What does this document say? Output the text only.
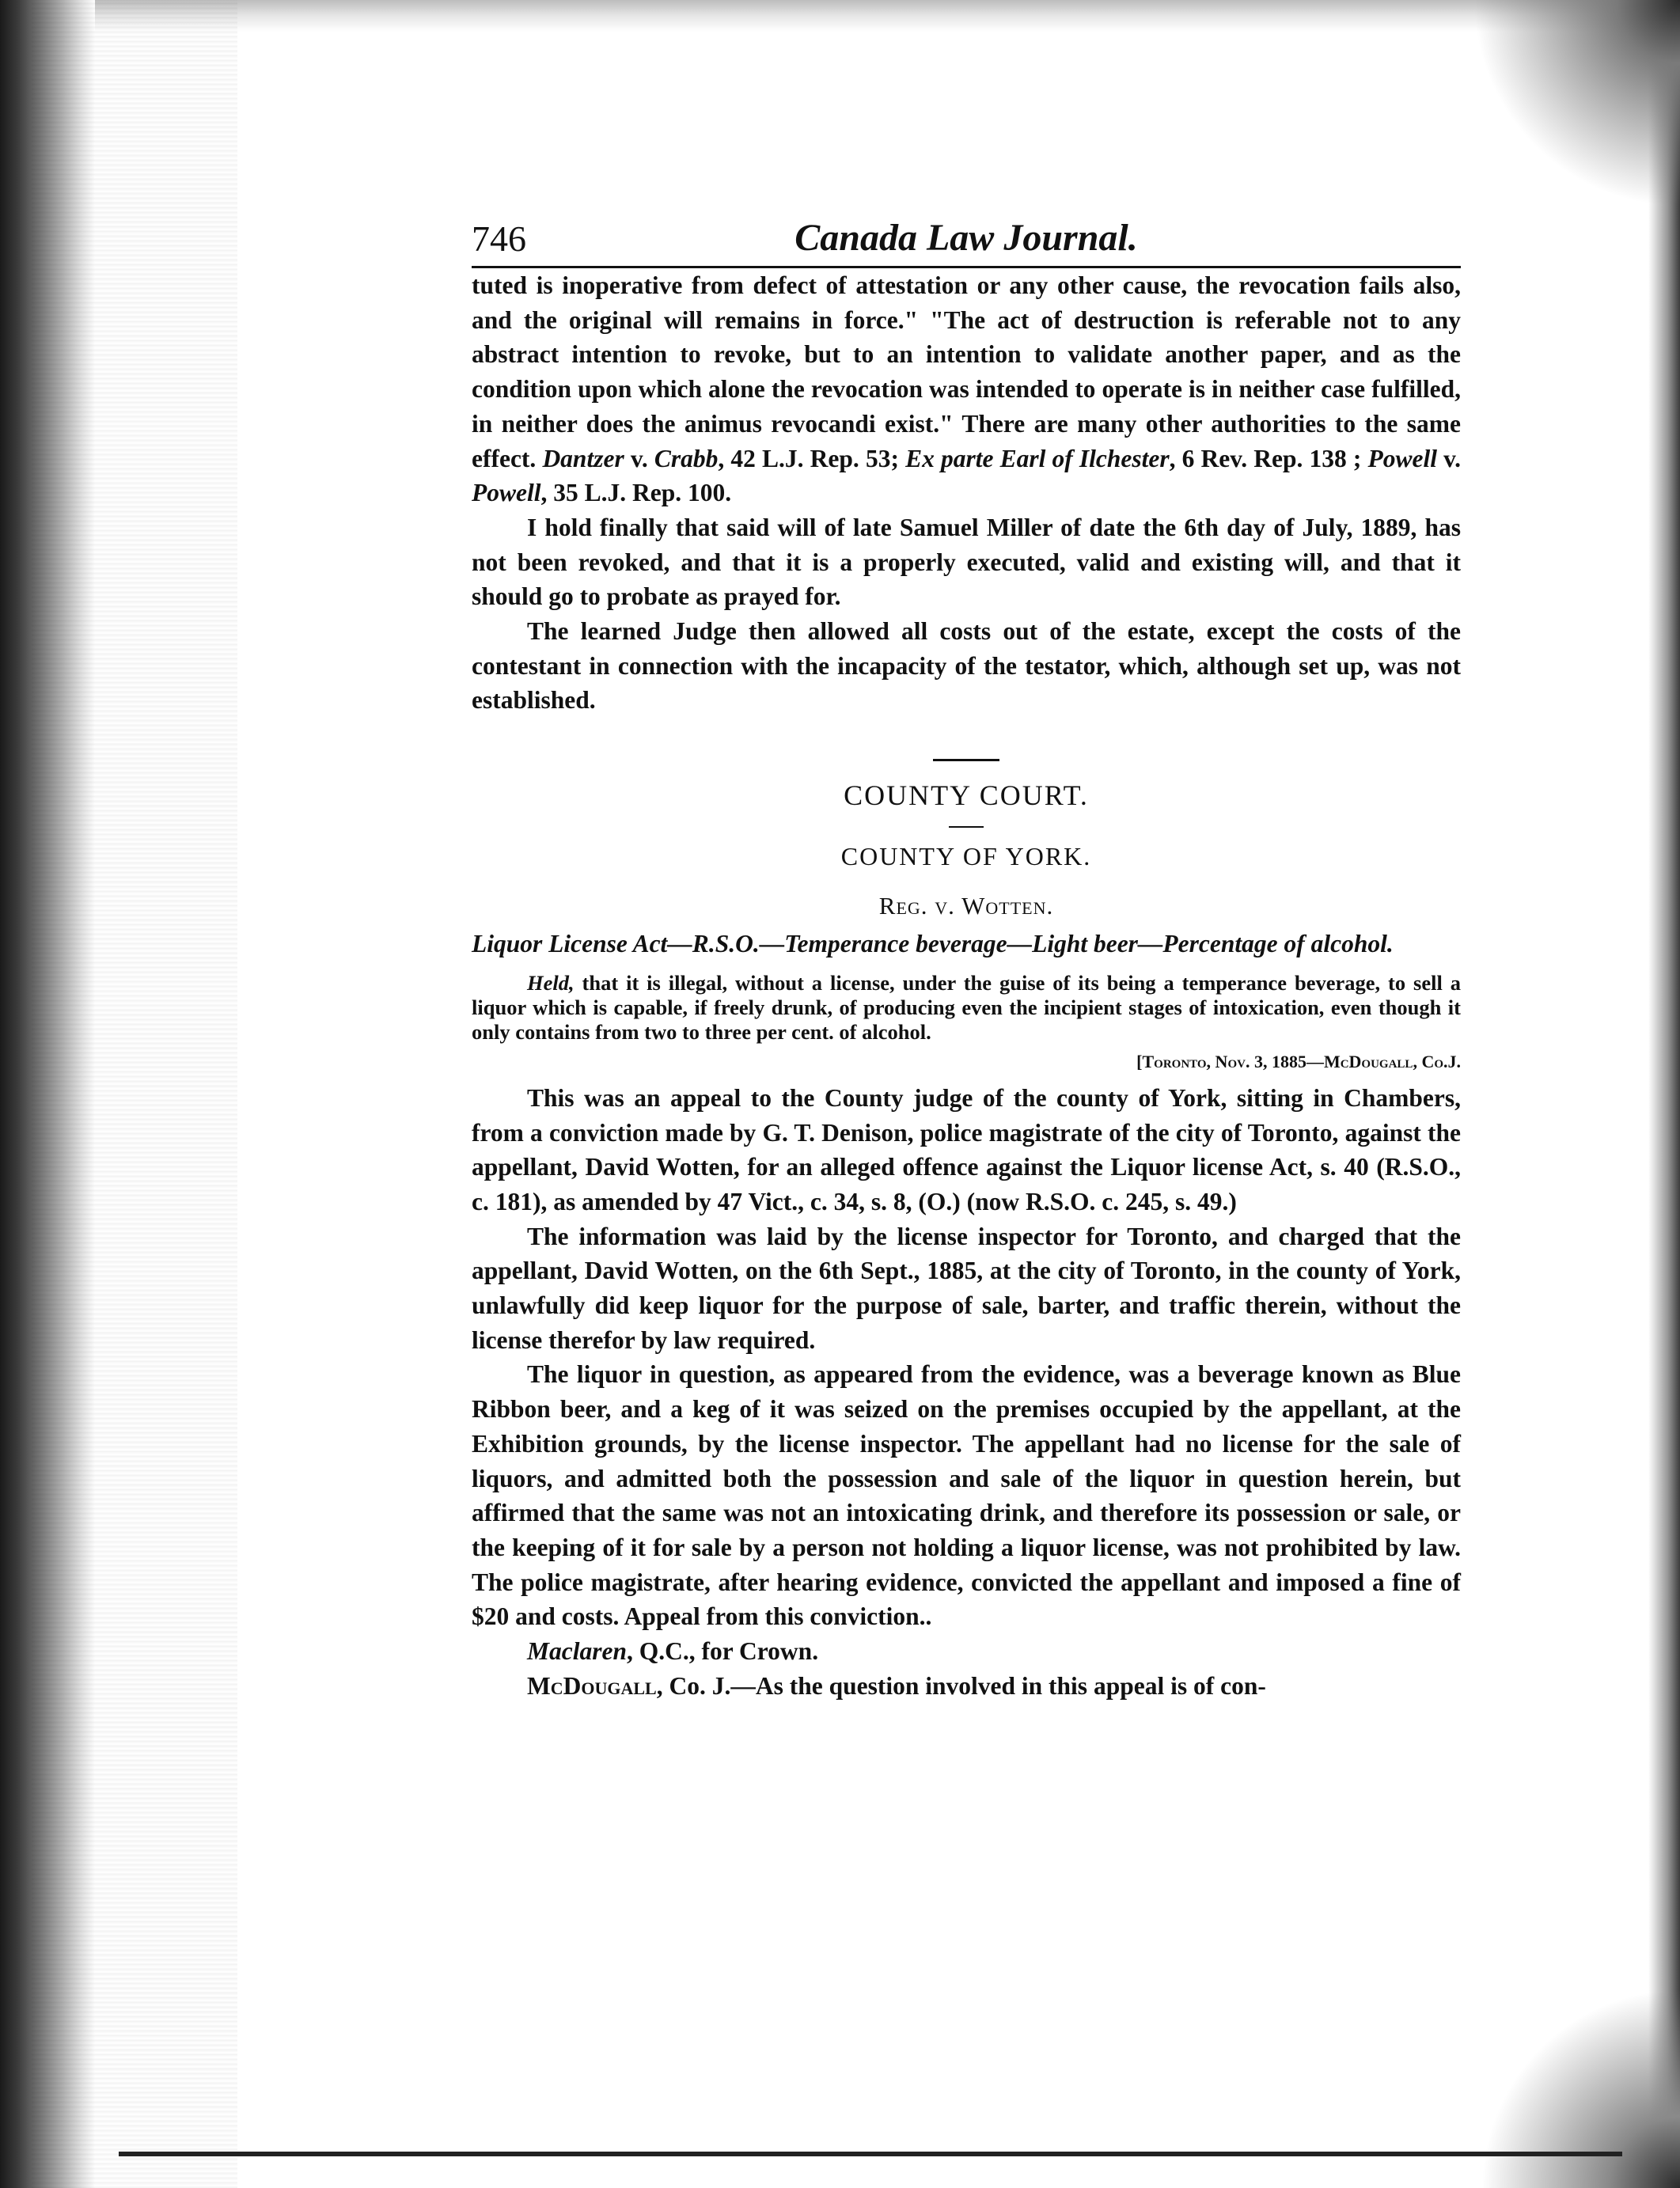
746	Canada Law Journal.

tuted is inoperative from defect of attestation or any other cause, the revocation fails also, and the original will remains in force." "The act of destruction is referable not to any abstract intention to revoke, but to an intention to validate another paper, and as the condition upon which alone the revocation was intended to operate is in neither case fulfilled, in neither does the animus revocandi exist." There are many other authorities to the same effect. Dantzer v. Crabb, 42 L.J. Rep. 53; Ex parte Earl of Ilchester, 6 Rev. Rep. 138 ; Powell v. Powell, 35 L.J. Rep. 100.

I hold finally that said will of late Samuel Miller of date the 6th day of July, 1889, has not been revoked, and that it is a properly executed, valid and existing will, and that it should go to probate as prayed for.

The learned Judge then allowed all costs out of the estate, except the costs of the contestant in connection with the incapacity of the testator, which, although set up, was not established.

COUNTY COURT.
COUNTY OF YORK.
Reg. v. Wotten.

Liquor License Act—R.S.O.—Temperance beverage—Light beer—Percentage of alcohol.

Held, that it is illegal, without a license, under the guise of its being a temperance beverage, to sell a liquor which is capable, if freely drunk, of producing even the incipient stages of intoxication, even though it only contains from two to three per cent. of alcohol.

[Toronto, Nov. 3, 1885—McDougall, Co.J.

This was an appeal to the County judge of the county of York, sitting in Chambers, from a conviction made by G. T. Denison, police magistrate of the city of Toronto, against the appellant, David Wotten, for an alleged offence against the Liquor license Act, s. 40 (R.S.O., c. 181), as amended by 47 Vict., c. 34, s. 8, (O.) (now R.S.O. c. 245, s. 49.)

The information was laid by the license inspector for Toronto, and charged that the appellant, David Wotten, on the 6th Sept., 1885, at the city of Toronto, in the county of York, unlawfully did keep liquor for the purpose of sale, barter, and traffic therein, without the license therefor by law required.

The liquor in question, as appeared from the evidence, was a beverage known as Blue Ribbon beer, and a keg of it was seized on the premises occupied by the appellant, at the Exhibition grounds, by the license inspector. The appellant had no license for the sale of liquors, and admitted both the possession and sale of the liquor in question herein, but affirmed that the same was not an intoxicating drink, and therefore its possession or sale, or the keeping of it for sale by a person not holding a liquor license, was not prohibited by law. The police magistrate, after hearing evidence, convicted the appellant and imposed a fine of $20 and costs. Appeal from this conviction..

Maclaren, Q.C., for Crown.

McDougall, Co. J.—As the question involved in this appeal is of con-
